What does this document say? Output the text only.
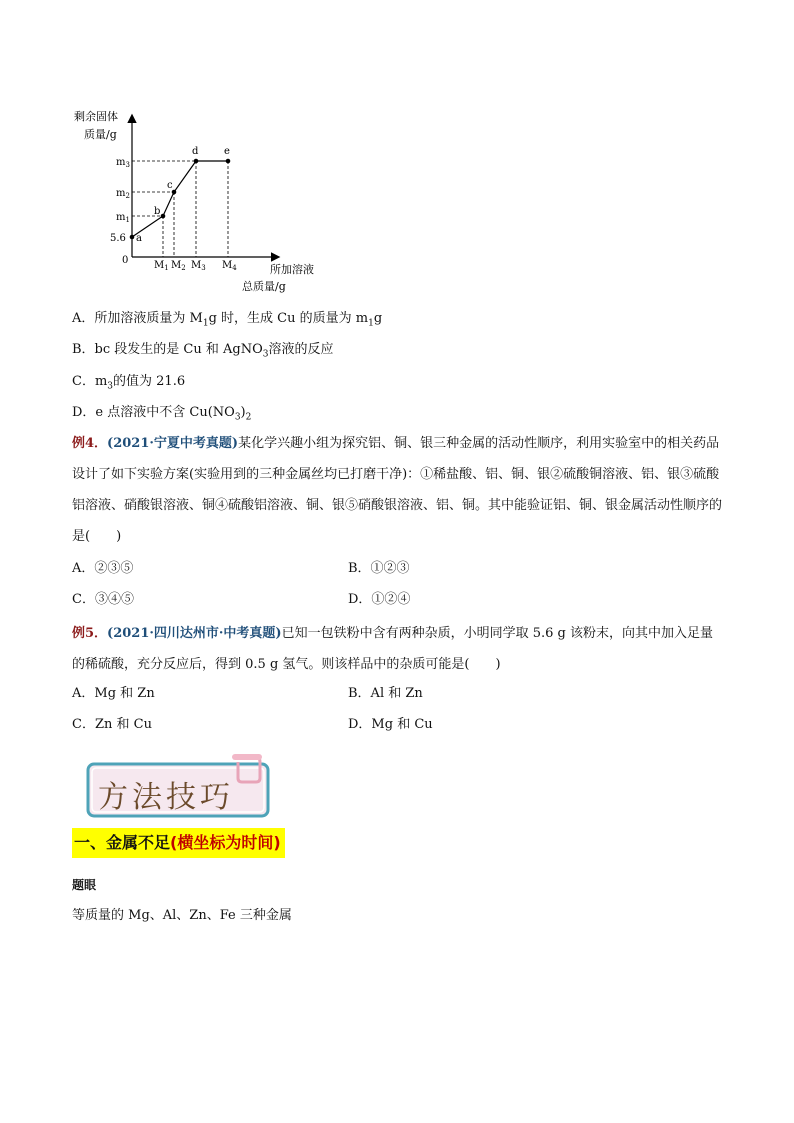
剩余固体
质量/g
所加溶液
总质量/g
0
5.6
$m_1$
$m_2$
$m_3$
$M_1$ $M_2$ $M_3$ $M_4$
a
b
c
d	e
A．所加溶液质量为 $M_1g$ 时，生成 Cu 的质量为 $m_1g$
B．bc 段发生的是 Cu 和 AgNO$_3$溶液的反应
C．$m_3$的值为 21.6
D．e 点溶液中不含 $Cu(NO_3)_2$
例4．(2021·宁夏中考真题)某化学兴趣小组为探究铝、铜、银三种金属的活动性顺序，利用实验室中的相关药品设计了如下实验方案(实验用到的三种金属丝均已打磨干净)：①稀盐酸、铝、铜、银②硫酸铜溶液、铝、银③硫酸铝溶液、硝酸银溶液、铜④硫酸铝溶液、铜、银⑤硝酸银溶液、铝、铜。其中能验证铝、铜、银金属活动性顺序的是(　　)
A．②③⑤	B．①②③
C．③④⑤	D．①②④
例5．(2021·四川达州市·中考真题)已知一包铁粉中含有两种杂质，小明同学取 5.6 g 该粉末，向其中加入足量的稀硫酸，充分反应后，得到 0.5 g 氢气。则该样品中的杂质可能是(　　)
A．Mg 和 Zn	B．Al 和 Zn
C．Zn 和 Cu	D．Mg 和 Cu
方法技巧
一、金属不足(横坐标为时间)
题眼
等质量的 Mg、Al、Zn、Fe 三种金属
